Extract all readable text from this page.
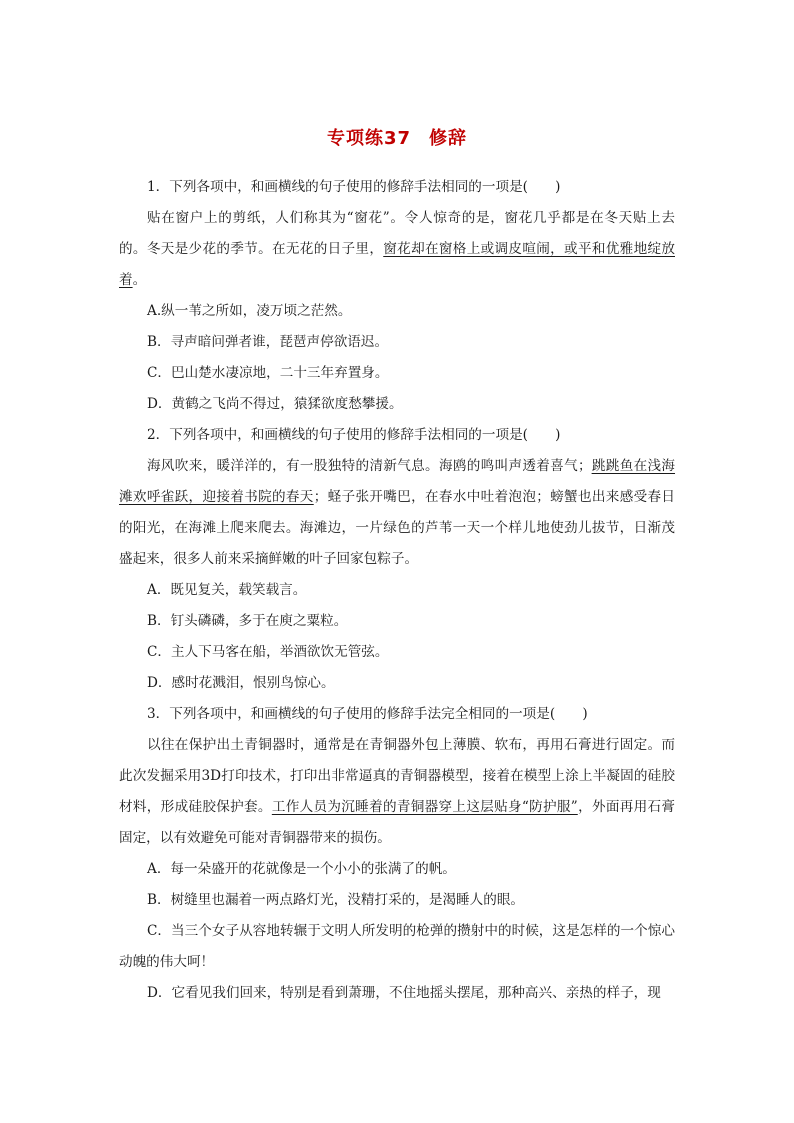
专项练37 修辞

1．下列各项中，和画横线的句子使用的修辞手法相同的一项是(　　)

贴在窗户上的剪纸，人们称其为“窗花”。令人惊奇的是，窗花几乎都是在冬天贴上去的。冬天是少花的季节。在无花的日子里，窗花却在窗格上或调皮喧闹，或平和优雅地绽放着。

A.纵一苇之所如，凌万顷之茫然。

B．寻声暗问弹者谁，琵琶声停欲语迟。

C．巴山楚水凄凉地，二十三年弃置身。

D．黄鹤之飞尚不得过，猿猱欲度愁攀援。

2．下列各项中，和画横线的句子使用的修辞手法相同的一项是(　　)

海风吹来，暖洋洋的，有一股独特的清新气息。海鸥的鸣叫声透着喜气；跳跳鱼在浅海滩欢呼雀跃，迎接着书院的春天；蛏子张开嘴巴，在春水中吐着泡泡；螃蟹也出来感受春日的阳光，在海滩上爬来爬去。海滩边，一片绿色的芦苇一天一个样儿地使劲儿拔节，日渐茂盛起来，很多人前来采摘鲜嫩的叶子回家包粽子。

A．既见复关，载笑载言。

B．钉头磷磷，多于在庾之粟粒。

C．主人下马客在船，举酒欲饮无管弦。

D．感时花溅泪，恨别鸟惊心。

3．下列各项中，和画横线的句子使用的修辞手法完全相同的一项是(　　)

以往在保护出土青铜器时，通常是在青铜器外包上薄膜、软布，再用石膏进行固定。而此次发掘采用3D打印技术，打印出非常逼真的青铜器模型，接着在模型上涂上半凝固的硅胶材料，形成硅胶保护套。工作人员为沉睡着的青铜器穿上这层贴身“防护服”，外面再用石膏固定，以有效避免可能对青铜器带来的损伤。

A．每一朵盛开的花就像是一个小小的张满了的帆。

B．树缝里也漏着一两点路灯光，没精打采的，是渴睡人的眼。

C．当三个女子从容地转辗于文明人所发明的枪弹的攒射中的时候，这是怎样的一个惊心动魄的伟大呵！

D．它看见我们回来，特别是看到萧珊，不住地摇头摆尾，那种高兴、亲热的样子，现
